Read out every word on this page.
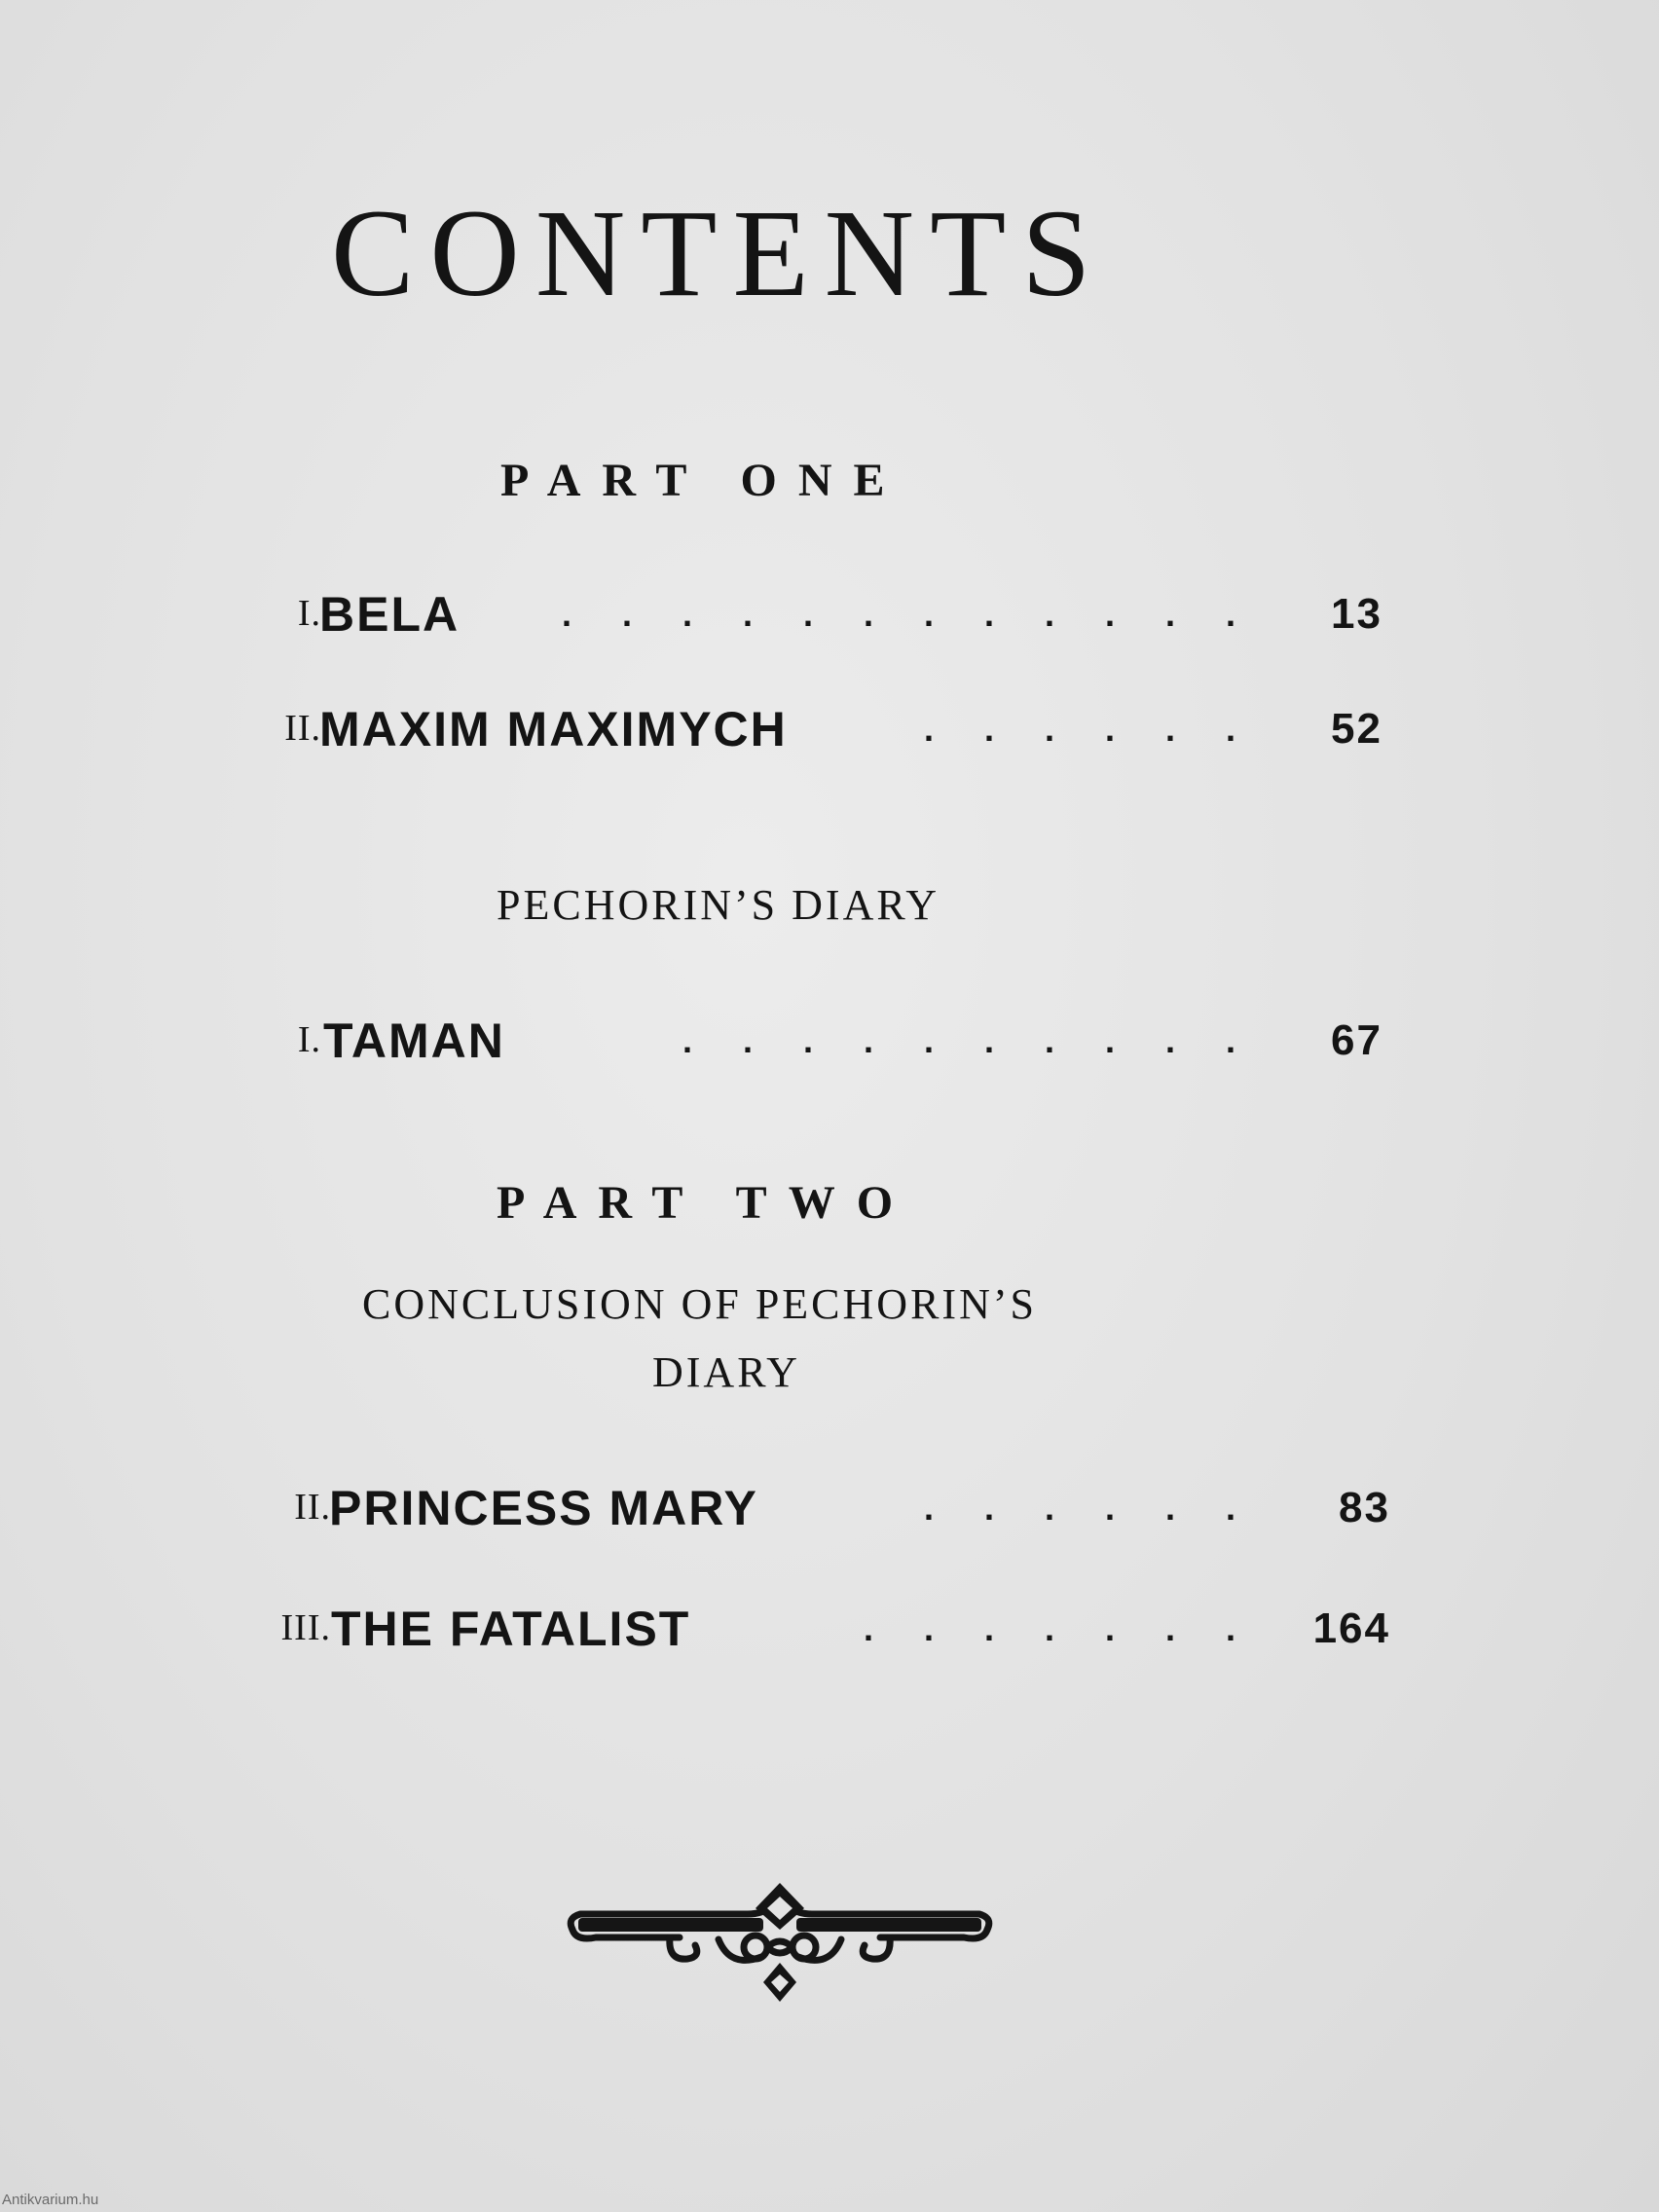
CONTENTS
PART ONE
I.
BELA	. . . . . . . . . . . . 13
II.
MAXIM MAXIMYCH	. . . . . . 52
PECHORIN’S DIARY
I. TAMAN	. . . . . . . . . . 67
PART TWO
CONCLUSION OF PECHORIN’S
DIARY
II.
PRINCESS MARY	. . . . . . 83
III. THE FATALIST	. . . . . . . 164
Antikvarium.hu
